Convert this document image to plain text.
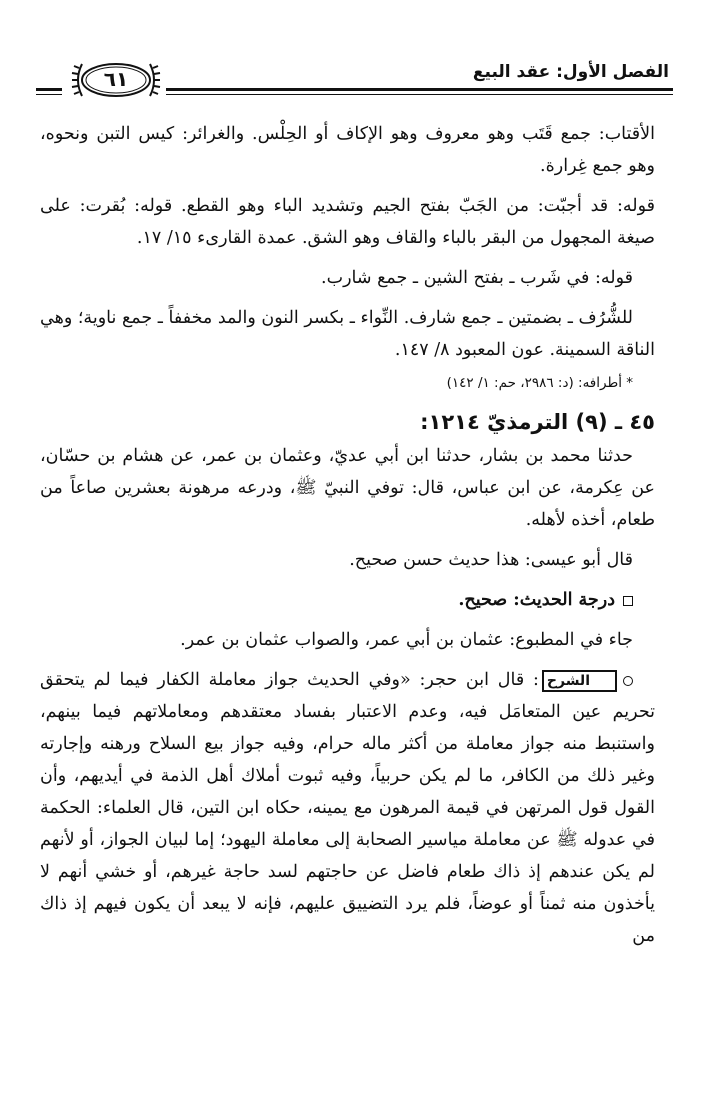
الفصل الأول: عقد البيع
٦١

الأقتاب: جمع قَتَب وهو معروف وهو الإكاف أو الحِلْس. والغرائر: كيس التبن ونحوه، وهو جمع غِرارة.

قوله: قد أجبّت: من الجَبّ بفتح الجيم وتشديد الباء وهو القطع. قوله: بُقرت: على صيغة المجهول من البقر بالباء والقاف وهو الشق. عمدة القارىء ١٥/ ١٧.

قوله: في شَرب ـ بفتح الشين ـ جمع شارب.

للشُّرُف ـ بضمتين ـ جمع شارف. النِّواء ـ بكسر النون والمد مخففاً ـ جمع ناوية؛ وهي الناقة السمينة. عون المعبود ٨/ ١٤٧.

* أطرافه: (د: ٢٩٨٦، حم: ١/ ١٤٢)

٤٥ ـ (٩) الترمذيّ ١٢١٤:

حدثنا محمد بن بشار، حدثنا ابن أبي عديّ، وعثمان بن عمر، عن هشام بن حسّان، عن عِكرمة، عن ابن عباس، قال: توفي النبيّ ﷺ، ودرعه مرهونة بعشرين صاعاً من طعام، أخذه لأهله.

قال أبو عيسى: هذا حديث حسن صحيح.

درجة الحديث: صحيح.

جاء في المطبوع: عثمان بن أبي عمر، والصواب عثمان بن عمر.

الشرح: قال ابن حجر: «وفي الحديث جواز معاملة الكفار فيما لم يتحقق تحريم عين المتعامَل فيه، وعدم الاعتبار بفساد معتقدهم ومعاملاتهم فيما بينهم، واستنبط منه جواز معاملة من أكثر ماله حرام، وفيه جواز بيع السلاح ورهنه وإجارته وغير ذلك من الكافر، ما لم يكن حربياً، وفيه ثبوت أملاك أهل الذمة في أيديهم، وأن القول قول المرتهن في قيمة المرهون مع يمينه، حكاه ابن التين، قال العلماء: الحكمة في عدوله ﷺ عن معاملة مياسير الصحابة إلى معاملة اليهود؛ إما لبيان الجواز، أو لأنهم لم يكن عندهم إذ ذاك طعام فاضل عن حاجتهم لسد حاجة غيرهم، أو خشي أنهم لا يأخذون منه ثمناً أو عوضاً، فلم يرد التضييق عليهم، فإنه لا يبعد أن يكون فيهم إذ ذاك من
